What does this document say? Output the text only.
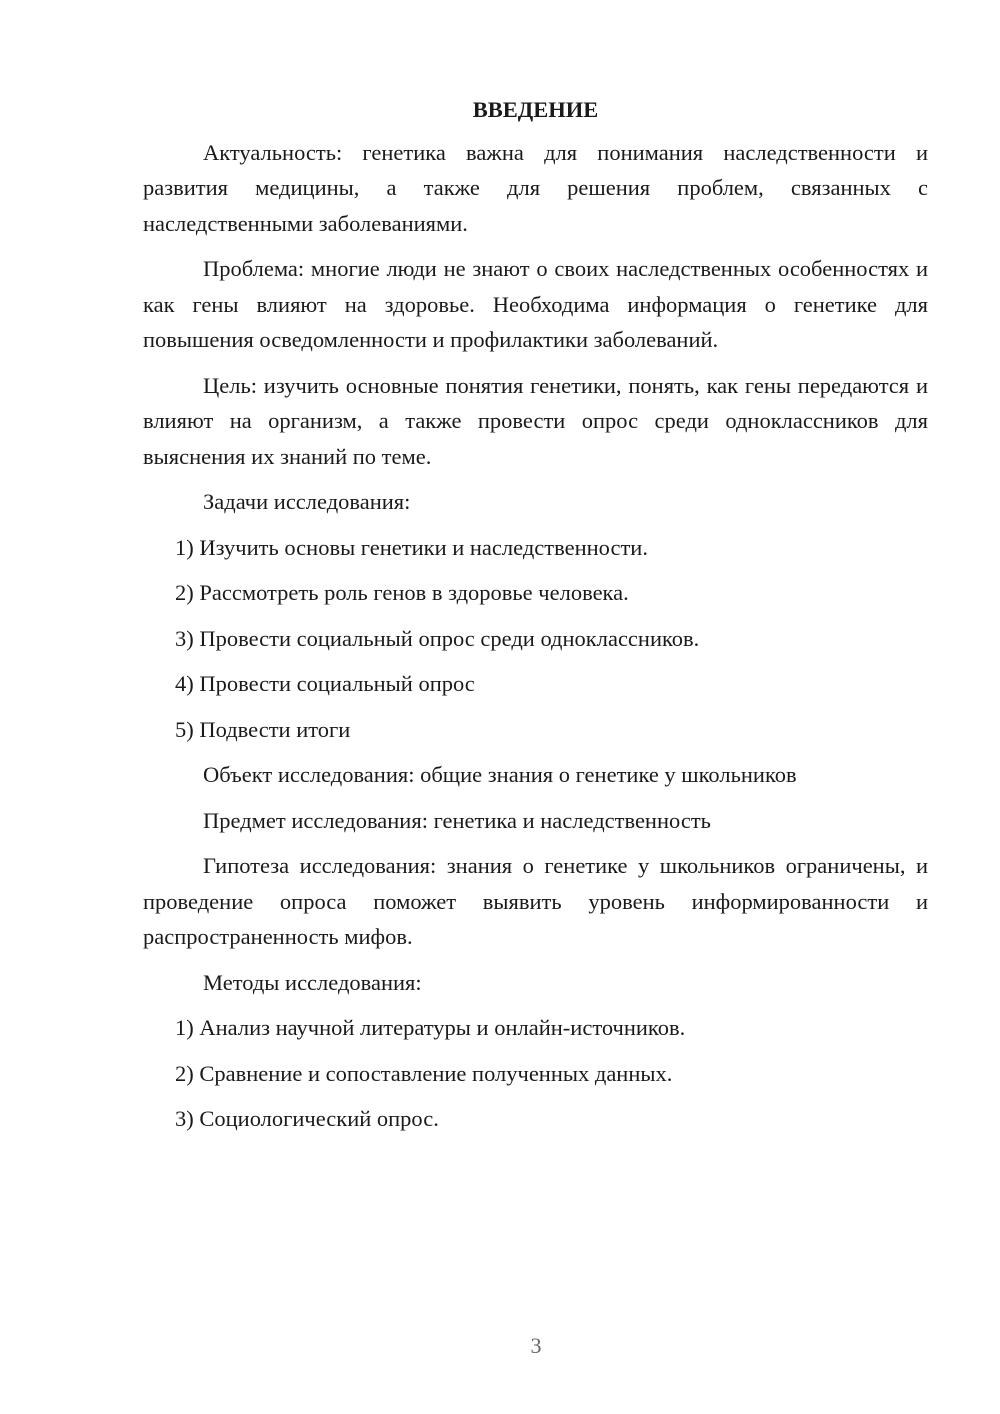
ВВЕДЕНИЕ

Актуальность: генетика важна для понимания наследственности и развития медицины, а также для решения проблем, связанных с наследственными заболеваниями.

Проблема: многие люди не знают о своих наследственных особенностях и как гены влияют на здоровье. Необходима информация о генетике для повышения осведомленности и профилактики заболеваний.

Цель: изучить основные понятия генетики, понять, как гены передаются и влияют на организм, а также провести опрос среди одноклассников для выяснения их знаний по теме.

Задачи исследования:
1) Изучить основы генетики и наследственности.
2) Рассмотреть роль генов в здоровье человека.
3) Провести социальный опрос среди одноклассников.
4) Провести социальный опрос
5) Подвести итоги
Объект исследования: общие знания о генетике у школьников
Предмет исследования: генетика и наследственность

Гипотеза исследования: знания о генетике у школьников ограничены, и проведение опроса поможет выявить уровень информированности и распространенность мифов.

Методы исследования:
1) Анализ научной литературы и онлайн-источников.
2) Сравнение и сопоставление полученных данных.
3) Социологический опрос.
3
